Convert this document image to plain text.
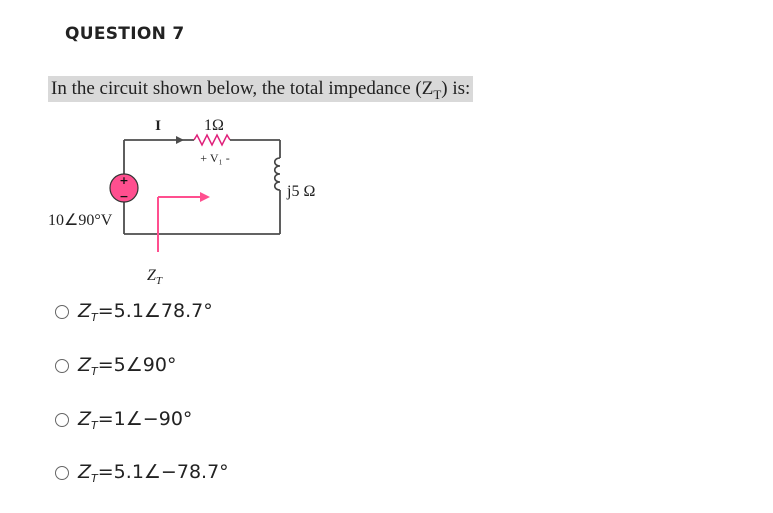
QUESTION 7
In the circuit shown below, the total impedance $(Z_T)$ is:
+
−
I	1Ω
+ V₁ -
j5 Ω
10∠90°V
$Z_T$
$Z_T=5.1\angle 78.7^\circ$
$Z_T=5\angle 90^\circ$
$Z_T=1\angle-90^\circ$
$Z_T=5.1\angle-78.7^\circ$
